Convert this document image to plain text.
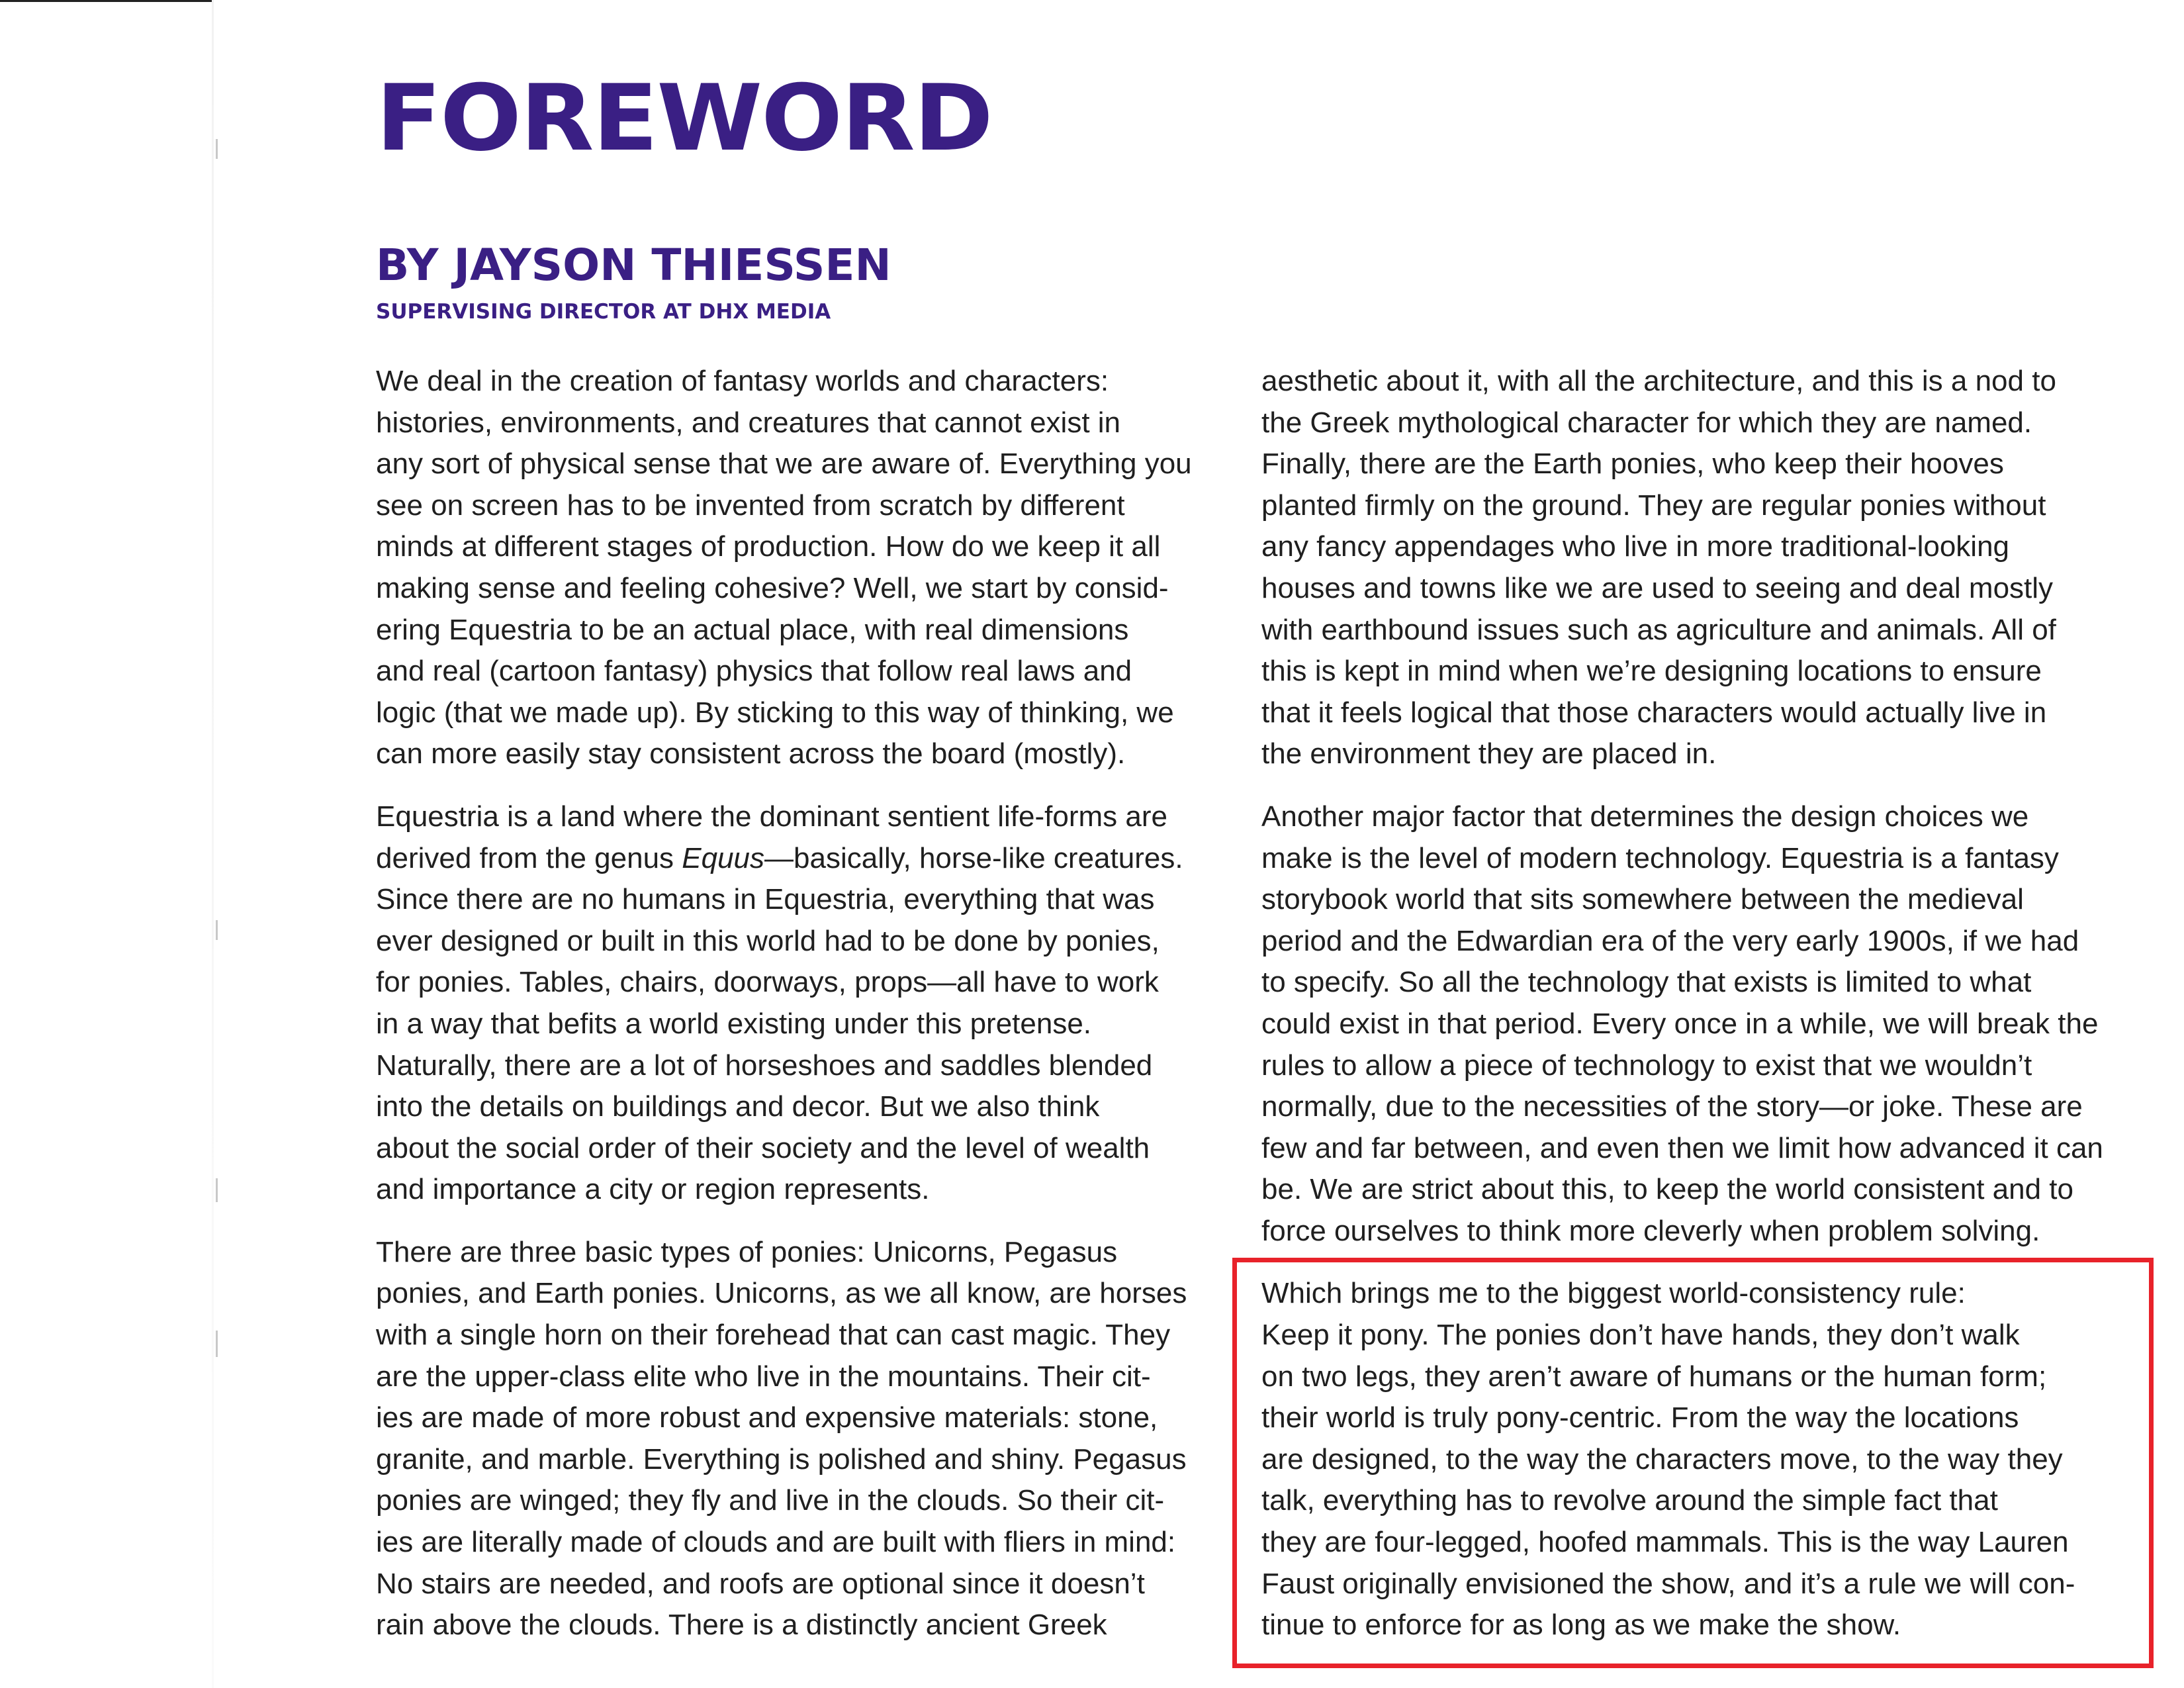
FOREWORD
BY JAYSON THIESSEN
SUPERVISING DIRECTOR AT DHX MEDIA

We deal in the creation of fantasy worlds and characters:
histories, environments, and creatures that cannot exist in
any sort of physical sense that we are aware of. Everything you
see on screen has to be invented from scratch by different
minds at different stages of production. How do we keep it all
making sense and feeling cohesive? Well, we start by consid-
ering Equestria to be an actual place, with real dimensions
and real (cartoon fantasy) physics that follow real laws and
logic (that we made up). By sticking to this way of thinking, we
can more easily stay consistent across the board (mostly).

Equestria is a land where the dominant sentient life-forms are
derived from the genus Equus—basically, horse-like creatures.
Since there are no humans in Equestria, everything that was
ever designed or built in this world had to be done by ponies,
for ponies. Tables, chairs, doorways, props—all have to work
in a way that befits a world existing under this pretense.
Naturally, there are a lot of horseshoes and saddles blended
into the details on buildings and decor. But we also think
about the social order of their society and the level of wealth
and importance a city or region represents.

There are three basic types of ponies: Unicorns, Pegasus
ponies, and Earth ponies. Unicorns, as we all know, are horses
with a single horn on their forehead that can cast magic. They
are the upper-class elite who live in the mountains. Their cit-
ies are made of more robust and expensive materials: stone,
granite, and marble. Everything is polished and shiny. Pegasus
ponies are winged; they fly and live in the clouds. So their cit-
ies are literally made of clouds and are built with fliers in mind:
No stairs are needed, and roofs are optional since it doesn’t
rain above the clouds. There is a distinctly ancient Greek

aesthetic about it, with all the architecture, and this is a nod to
the Greek mythological character for which they are named.
Finally, there are the Earth ponies, who keep their hooves
planted firmly on the ground. They are regular ponies without
any fancy appendages who live in more traditional-looking
houses and towns like we are used to seeing and deal mostly
with earthbound issues such as agriculture and animals. All of
this is kept in mind when we’re designing locations to ensure
that it feels logical that those characters would actually live in
the environment they are placed in.

Another major factor that determines the design choices we
make is the level of modern technology. Equestria is a fantasy
storybook world that sits somewhere between the medieval
period and the Edwardian era of the very early 1900s, if we had
to specify. So all the technology that exists is limited to what
could exist in that period. Every once in a while, we will break the
rules to allow a piece of technology to exist that we wouldn’t
normally, due to the necessities of the story—or joke. These are
few and far between, and even then we limit how advanced it can
be. We are strict about this, to keep the world consistent and to
force ourselves to think more cleverly when problem solving.

Which brings me to the biggest world-consistency rule:
Keep it pony. The ponies don’t have hands, they don’t walk
on two legs, they aren’t aware of humans or the human form;
their world is truly pony-centric. From the way the locations
are designed, to the way the characters move, to the way they
talk, everything has to revolve around the simple fact that
they are four-legged, hoofed mammals. This is the way Lauren
Faust originally envisioned the show, and it’s a rule we will con-
tinue to enforce for as long as we make the show.
